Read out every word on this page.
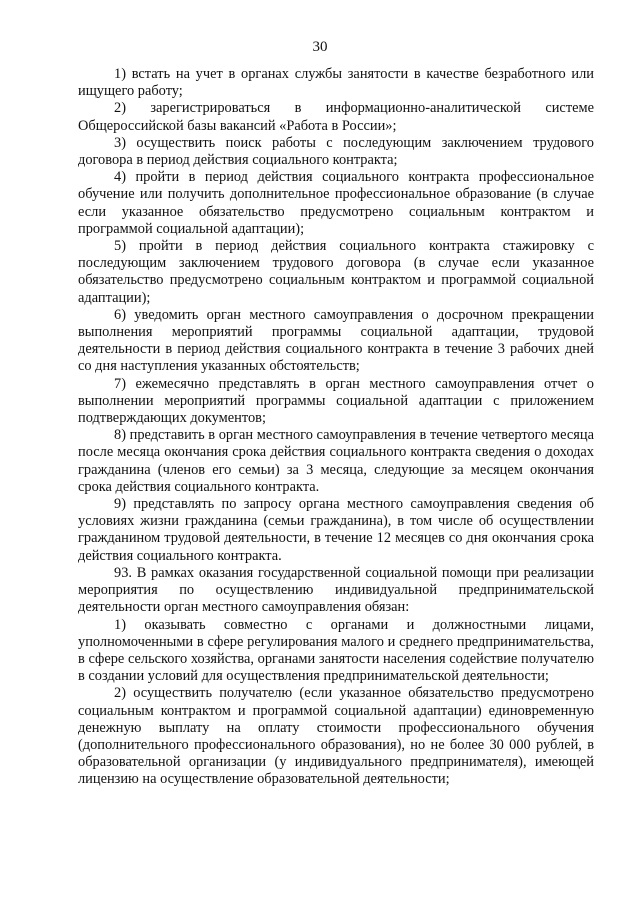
30

1) встать на учет в органах службы занятости в качестве безработного или ищущего работу;

2) зарегистрироваться в информационно-аналитической системе Общероссийской базы вакансий «Работа в России»;

3) осуществить поиск работы с последующим заключением трудового договора в период действия социального контракта;

4) пройти в период действия социального контракта профессиональное обучение или получить дополнительное профессиональное образование (в случае если указанное обязательство предусмотрено социальным контрактом и программой социальной адаптации);

5) пройти в период действия социального контракта стажировку с последующим заключением трудового договора (в случае если указанное обязательство предусмотрено социальным контрактом и программой социальной адаптации);

6) уведомить орган местного самоуправления о досрочном прекращении выполнения мероприятий программы социальной адаптации, трудовой деятельности в период действия социального контракта в течение 3 рабочих дней со дня наступления указанных обстоятельств;

7) ежемесячно представлять в орган местного самоуправления отчет о выполнении мероприятий программы социальной адаптации с приложением подтверждающих документов;

8) представить в орган местного самоуправления в течение четвертого месяца после месяца окончания срока действия социального контракта сведения о доходах гражданина (членов его семьи) за 3 месяца, следующие за месяцем окончания срока действия социального контракта.

9) представлять по запросу органа местного самоуправления сведения об условиях жизни гражданина (семьи гражданина), в том числе об осуществлении гражданином трудовой деятельности, в течение 12 месяцев со дня окончания срока действия социального контракта.

93. В рамках оказания государственной социальной помощи при реализации мероприятия по осуществлению индивидуальной предпринимательской деятельности орган местного самоуправления обязан:

1) оказывать совместно с органами и должностными лицами, уполномоченными в сфере регулирования малого и среднего предпринимательства, в сфере сельского хозяйства, органами занятости населения содействие получателю в создании условий для осуществления предпринимательской деятельности;

2) осуществить получателю (если указанное обязательство предусмотрено социальным контрактом и программой социальной адаптации) единовременную денежную выплату на оплату стоимости профессионального обучения (дополнительного профессионального образования), но не более 30 000 рублей, в образовательной организации (у индивидуального предпринимателя), имеющей лицензию на осуществление образовательной деятельности;
